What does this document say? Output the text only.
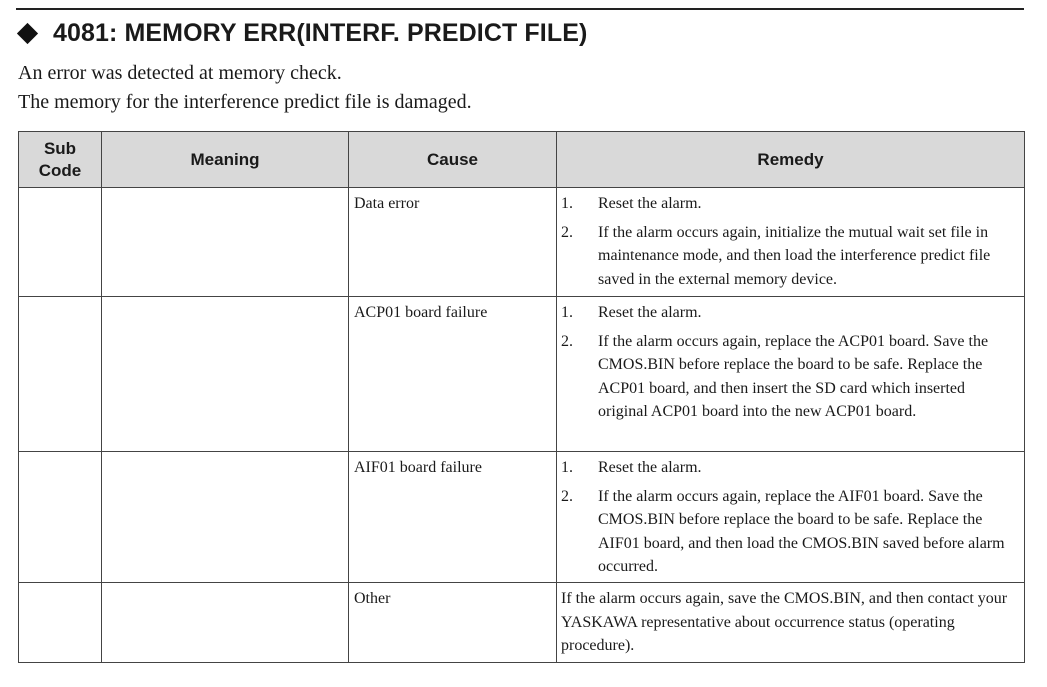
4081: MEMORY ERR(INTERF. PREDICT FILE)
An error was detected at memory check.
The memory for the interference predict file is damaged.
Sub
Code	Meaning	Cause	Remedy
		Data error	1. Reset the alarm.
2. If the alarm occurs again, initialize the mutual wait set file in maintenance mode, and then load the interference predict file saved in the external memory device.

		ACP01 board failure	1. Reset the alarm.
2. If the alarm occurs again, replace the ACP01 board. Save the CMOS.BIN before replace the board to be safe. Replace the ACP01 board, and then insert the SD card which inserted original ACP01 board into the new ACP01 board.

		AIF01 board failure	1. Reset the alarm.
2. If the alarm occurs again, replace the AIF01 board. Save the CMOS.BIN before replace the board to be safe. Replace the AIF01 board, and then load the CMOS.BIN saved before alarm occurred.

		Other	If the alarm occurs again, save the CMOS.BIN, and then contact your YASKAWA representative about occurrence status (operating procedure).
